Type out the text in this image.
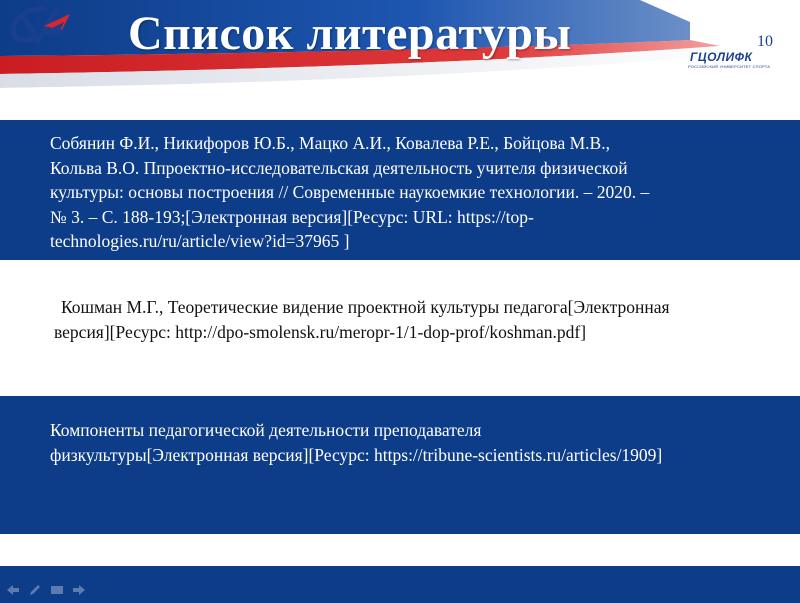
Список литературы	ГЦОЛИФК
РОССИЙСКИЙ УНИВЕРСИТЕТ СПОРТА
10
Собянин Ф.И., Никифоров Ю.Б., Мацко А.И., Ковалева Р.Е., Бойцова М.В.,
Кольва В.О. Ппроектно-исследовательская деятельность учителя физической
культуры: основы построения // Современные наукоемкие технологии. – 2020. –
№ 3. – С. 188-193;[Электронная версия][Ресурс: URL: https://top-
technologies.ru/ru/article/view?id=37965 ]
Кошман М.Г., Теоретические видение проектной культуры педагога[Электронная
версия][Ресурс: http://dpo-smolensk.ru/meropr-1/1-dop-prof/koshman.pdf]
Компоненты педагогической деятельности преподавателя
физкультуры[Электронная версия][Ресурс: https://tribune-scientists.ru/articles/1909]
